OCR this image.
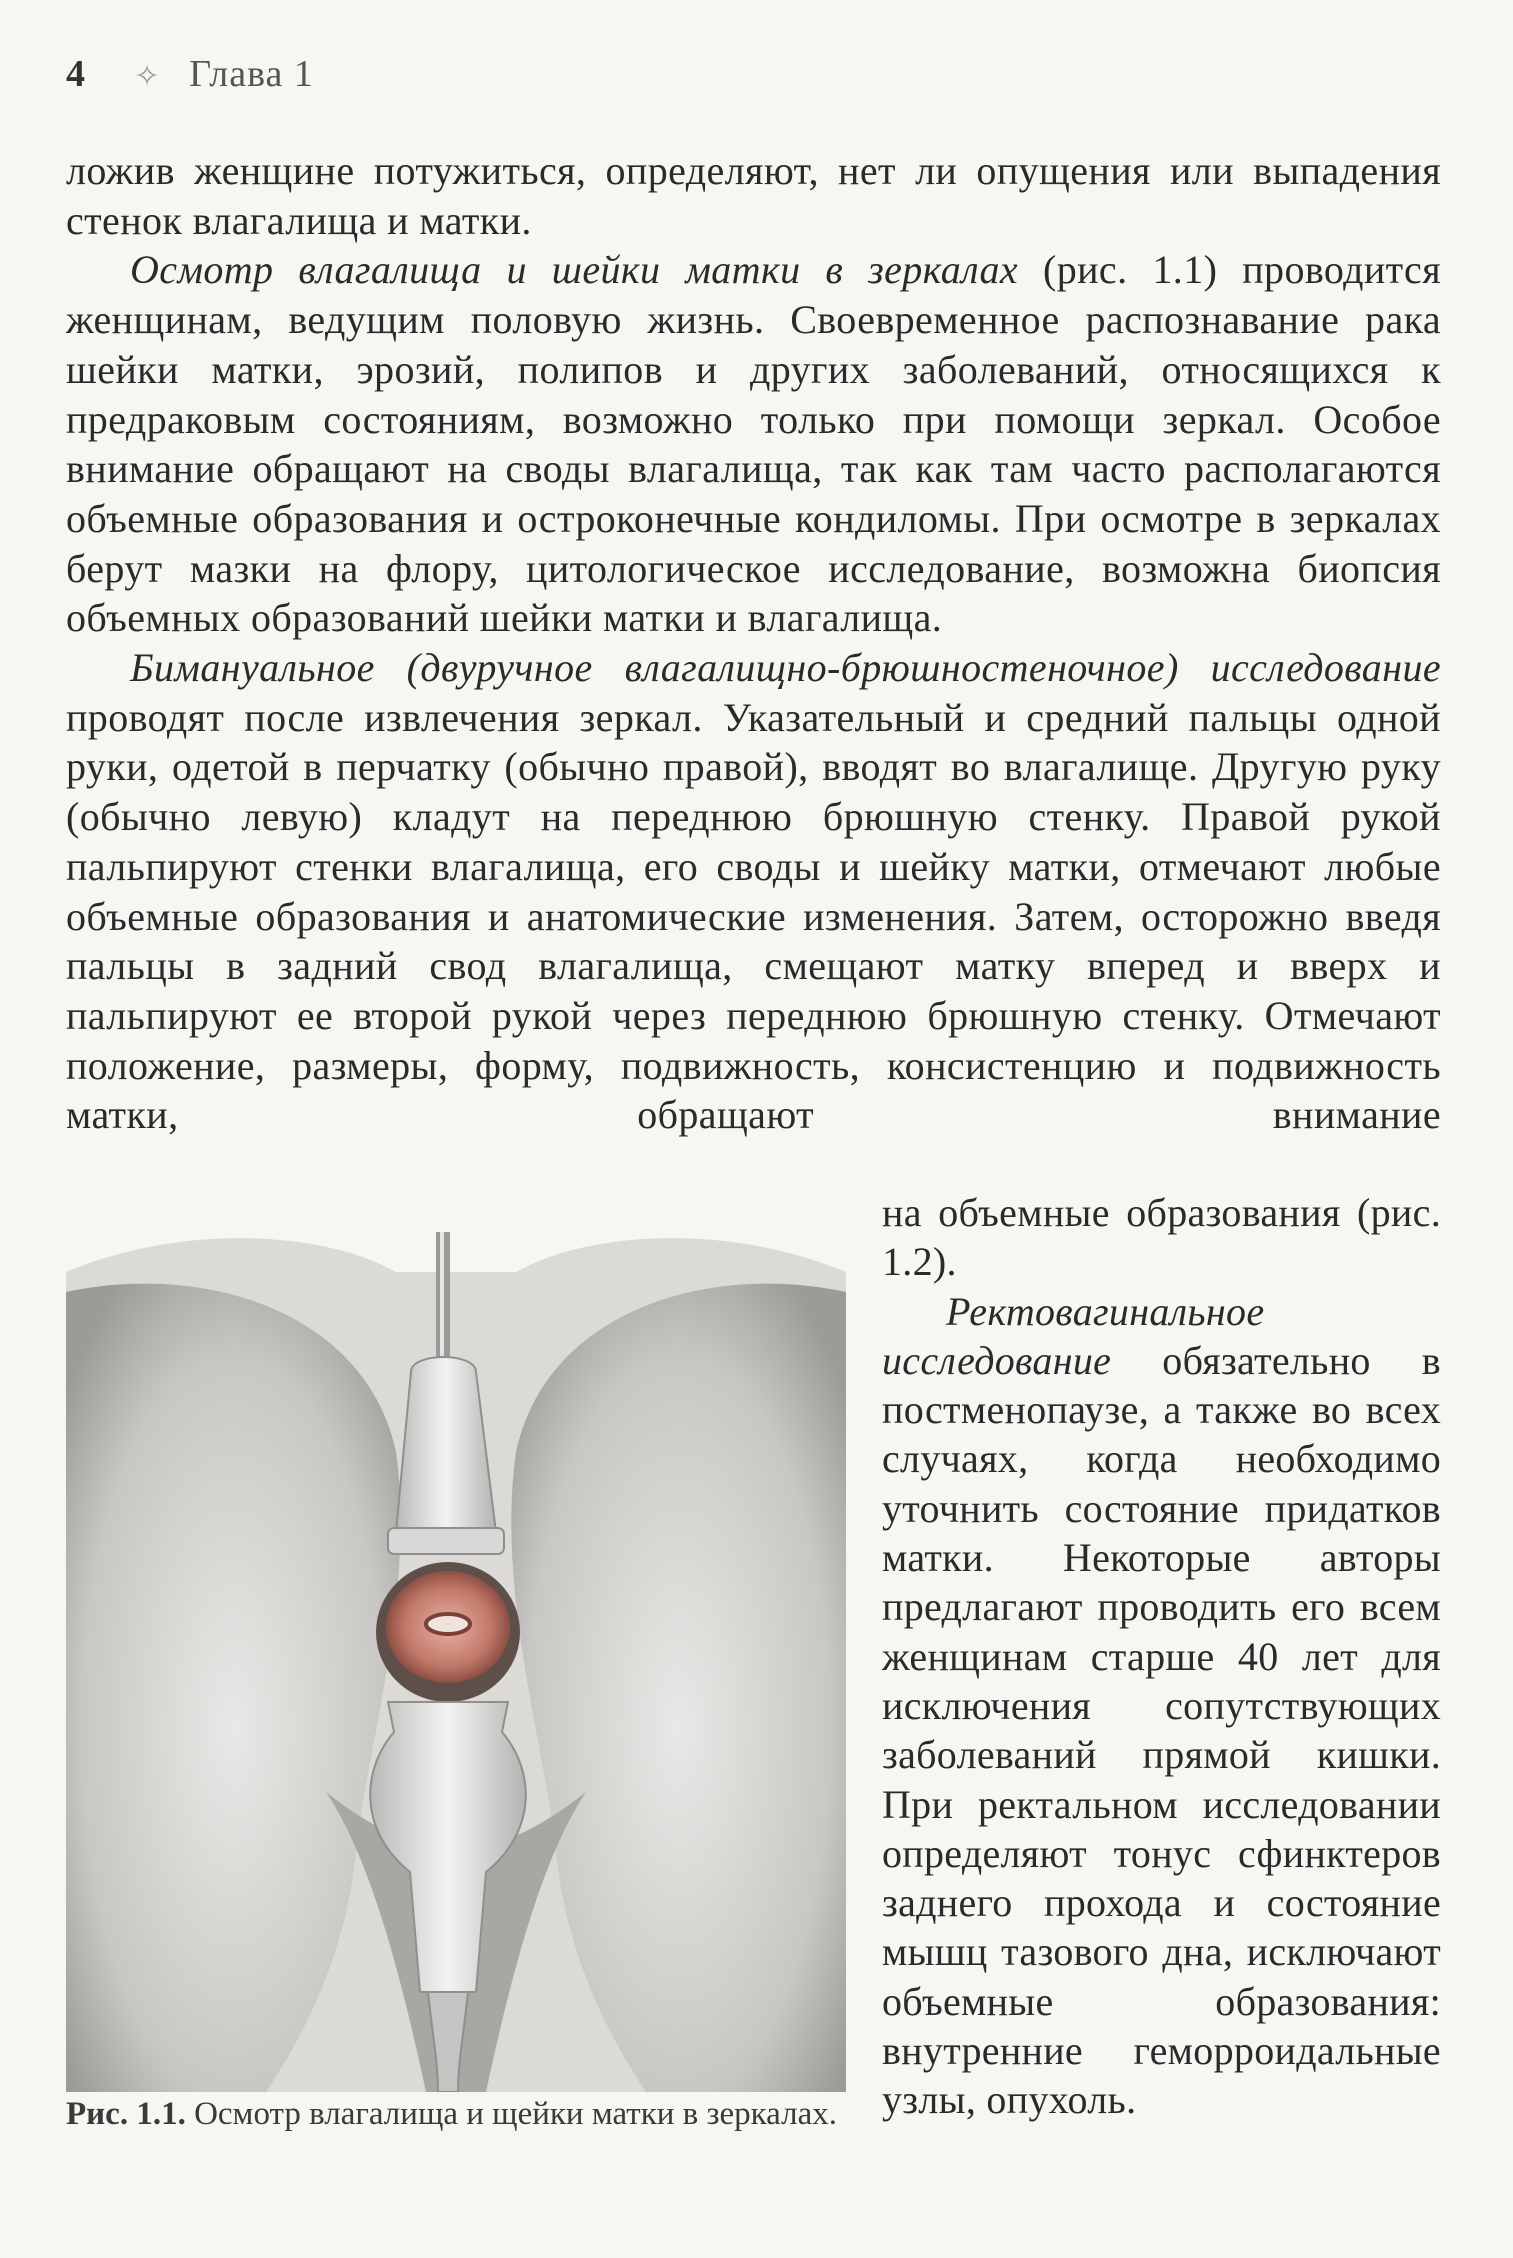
4 ✧ Глава 1

ложив женщине потужиться, определяют, нет ли опущения или выпадения стенок влагалища и матки.

Осмотр влагалища и шейки матки в зеркалах (рис. 1.1) проводится женщинам, ведущим половую жизнь. Своевременное распознавание рака шейки матки, эрозий, полипов и других заболеваний, относящихся к предраковым состояниям, возможно только при помощи зеркал. Особое внимание обращают на своды влагалища, так как там часто располагаются объемные образования и остроконечные кондиломы. При осмотре в зеркалах берут мазки на флору, цитологическое исследование, возможна биопсия объемных образований шейки матки и влагалища.

Бимануальное (двуручное влагалищно-брюшностеночное) исследование проводят после извлечения зеркал. Указательный и средний пальцы одной руки, одетой в перчатку (обычно правой), вводят во влагалище. Другую руку (обычно левую) кладут на переднюю брюшную стенку. Правой рукой пальпируют стенки влагалища, его своды и шейку матки, отмечают любые объемные образования и анатомические изменения. Затем, осторожно введя пальцы в задний свод влагалища, смещают матку вперед и вверх и пальпируют ее второй рукой через переднюю брюшную стенку. Отмечают положение, размеры, форму, подвижность, консистенцию и подвижность матки, обращают внимание

Рис. 1.1. Осмотр влагалища и щейки матки в зеркалах.

на объемные образования (рис. 1.2).

Ректовагинальное исследование обязательно в постменопаузе, а также во всех случаях, когда необходимо уточнить состояние придатков матки. Некоторые авторы предлагают проводить его всем женщинам старше 40 лет для исключения сопутствующих заболеваний прямой кишки. При ректальном исследовании определяют тонус сфинктеров заднего прохода и состояние мышц тазового дна, исключают объемные образования: внутренние геморроидальные узлы, опухоль.
